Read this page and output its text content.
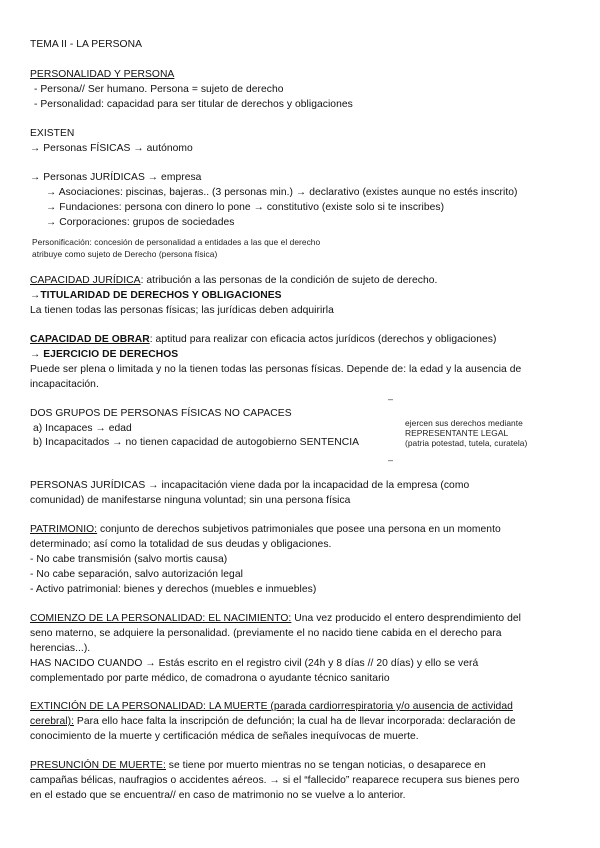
TEMA II - LA PERSONA
PERSONALIDAD Y PERSONA
- Persona// Ser humano. Persona = sujeto de derecho
- Personalidad: capacidad para ser titular de derechos y obligaciones
EXISTEN
→ Personas FÍSICAS → autónomo
→ Personas JURÍDICAS → empresa
→ Asociaciones: piscinas, bajeras.. (3 personas min.) → declarativo (existes aunque no estés inscrito)
→ Fundaciones: persona con dinero lo pone → constitutivo (existe solo si te inscribes)
→ Corporaciones: grupos de sociedades
Personificación: concesión de personalidad a entidades a las que el derecho
atribuye como sujeto de Derecho (persona física)
CAPACIDAD JURÍDICA: atribución a las personas de la condición de sujeto de derecho.
→TITULARIDAD DE DERECHOS Y OBLIGACIONES
La tienen todas las personas físicas; las jurídicas deben adquirirla
CAPACIDAD DE OBRAR: aptitud para realizar con eficacia actos jurídicos (derechos y obligaciones)
→ EJERCICIO DE DERECHOS
Puede ser plena o limitada y no la tienen todas las personas físicas. Depende de: la edad y la ausencia de
incapacitación.
–
DOS GRUPOS DE PERSONAS FÍSICAS NO CAPACES
a) Incapaces → edad
b) Incapacitados → no tienen capacidad de autogobierno SENTENCIA
ejercen sus derechos mediante
REPRESENTANTE LEGAL
(patria potestad, tutela, curatela)
–
PERSONAS JURÍDICAS → incapacitación viene dada por la incapacidad de la empresa (como
comunidad) de manifestarse ninguna voluntad; sin una persona física
PATRIMONIO: conjunto de derechos subjetivos patrimoniales que posee una persona en un momento
determinado; así como la totalidad de sus deudas y obligaciones.
- No cabe transmisión (salvo mortis causa)
- No cabe separación, salvo autorización legal
- Activo patrimonial: bienes y derechos (muebles e inmuebles)
COMIENZO DE LA PERSONALIDAD: EL NACIMIENTO: Una vez producido el entero desprendimiento del
seno materno, se adquiere la personalidad. (previamente el no nacido tiene cabida en el derecho para
herencias...).
HAS NACIDO CUANDO → Estás escrito en el registro civil (24h y 8 días // 20 días) y ello se verá
complementado por parte médico, de comadrona o ayudante técnico sanitario
EXTINCIÓN DE LA PERSONALIDAD: LA MUERTE (parada cardiorrespiratoria y/o ausencia de actividad
cerebral): Para ello hace falta la inscripción de defunción; la cual ha de llevar incorporada: declaración de
conocimiento de la muerte y certificación médica de señales inequívocas de muerte.
PRESUNCIÓN DE MUERTE: se tiene por muerto mientras no se tengan noticias, o desaparece en
campañas bélicas, naufragios o accidentes aéreos. → si el “fallecido” reaparece recupera sus bienes pero
en el estado que se encuentra// en caso de matrimonio no se vuelve a lo anterior.
